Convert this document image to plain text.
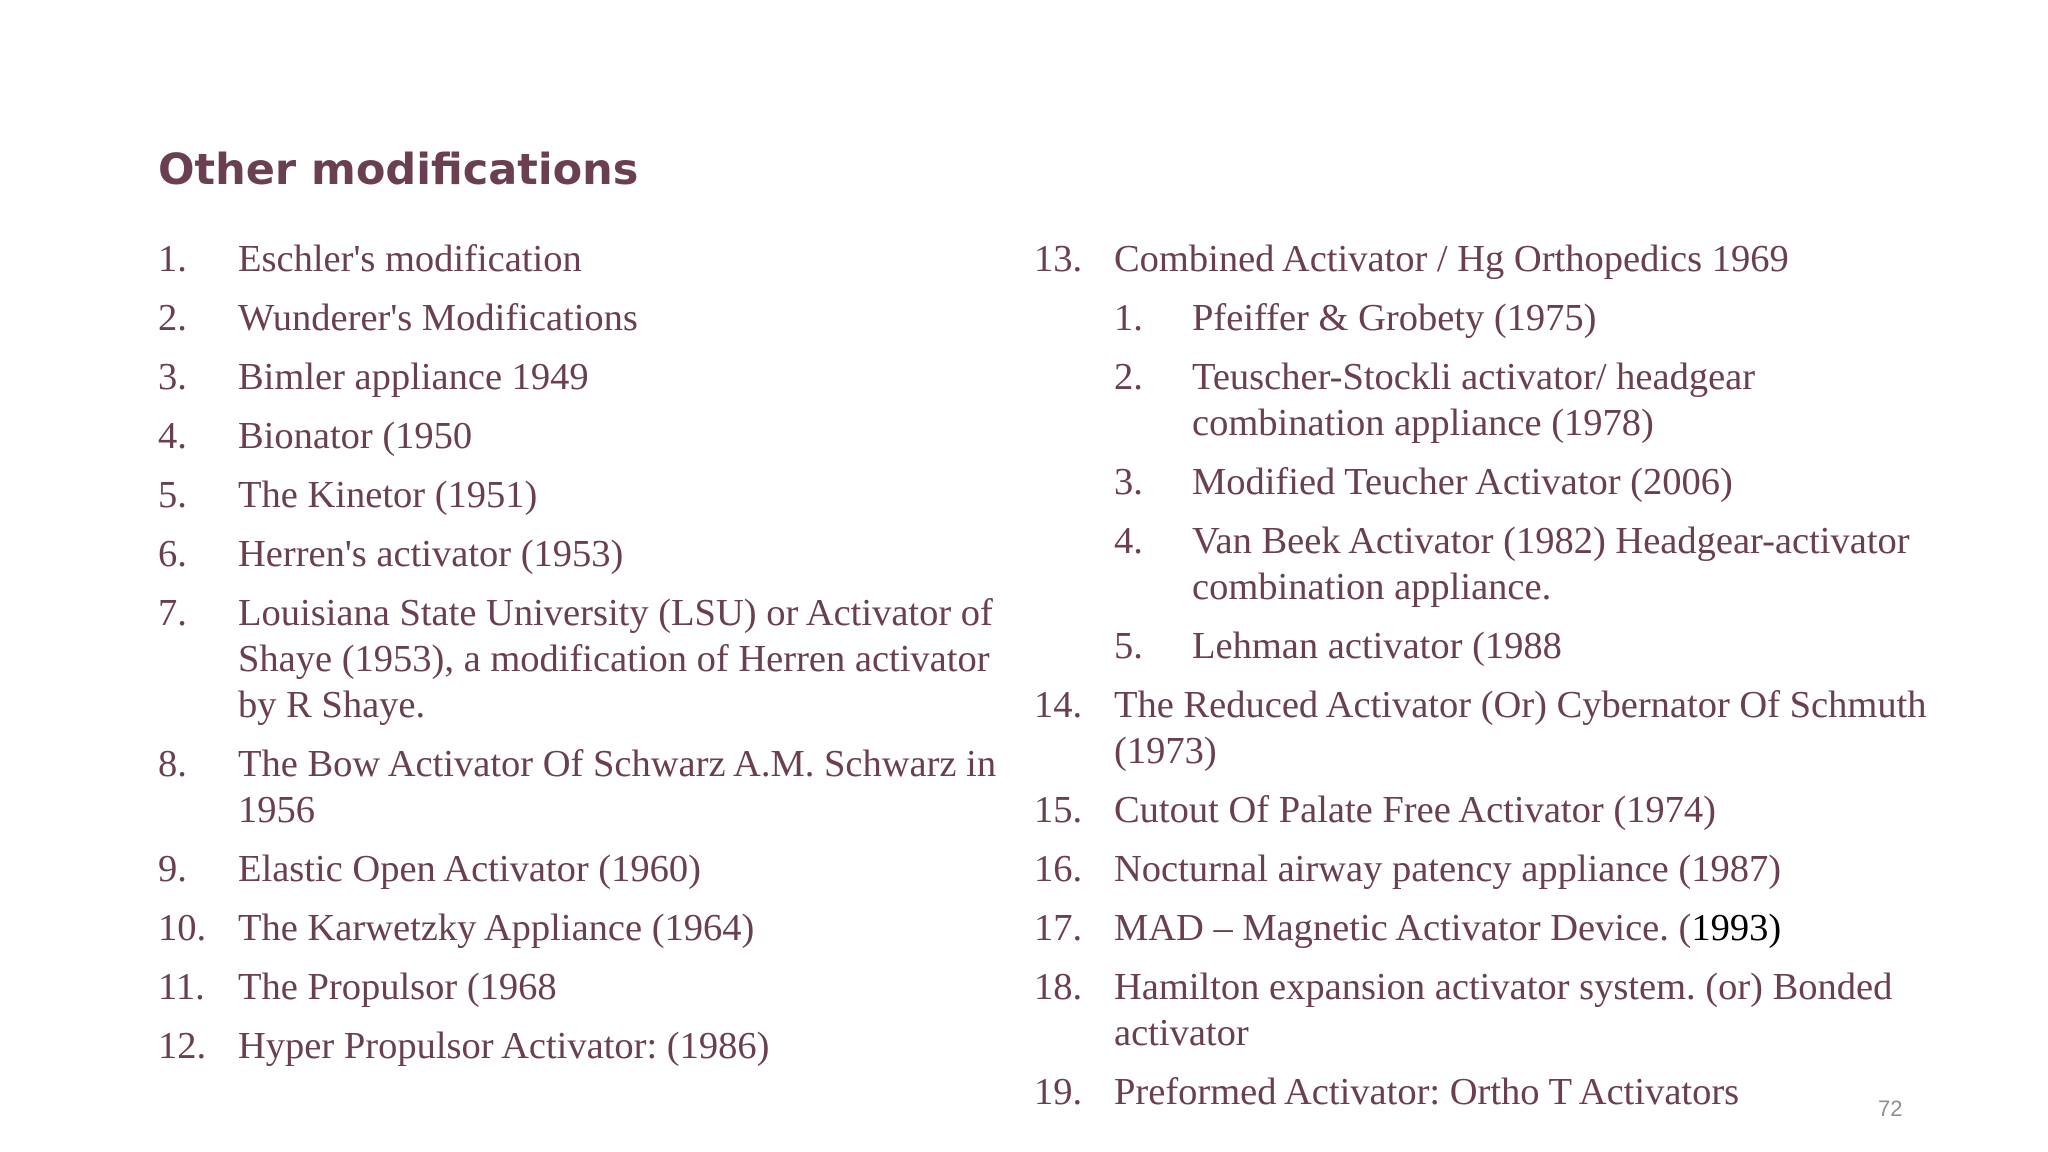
Other modifications
1. Eschler's modification
2. Wunderer's Modifications
3. Bimler appliance 1949
4. Bionator (1950
5. The Kinetor (1951)
6. Herren's activator (1953)
7. Louisiana State University (LSU) or Activator of Shaye (1953), a modification of Herren activator by R Shaye.
8. The Bow Activator Of Schwarz A.M. Schwarz in 1956
9. Elastic Open Activator (1960)
10. The Karwetzky Appliance (1964)
11. The Propulsor (1968
12. Hyper Propulsor Activator: (1986)
13. Combined Activator / Hg Orthopedics 1969
1. Pfeiffer & Grobety (1975)
2. Teuscher-Stockli activator/ headgear combination appliance (1978)
3. Modified Teucher Activator (2006)
4. Van Beek Activator (1982) Headgear-activator combination appliance.
5. Lehman activator (1988
14. The Reduced Activator (Or) Cybernator Of Schmuth (1973)
15. Cutout Of Palate Free Activator (1974)
16. Nocturnal airway patency appliance (1987)
17. MAD – Magnetic Activator Device. (1993)
18. Hamilton expansion activator system. (or) Bonded activator
19. Preformed Activator: Ortho T Activators	72
